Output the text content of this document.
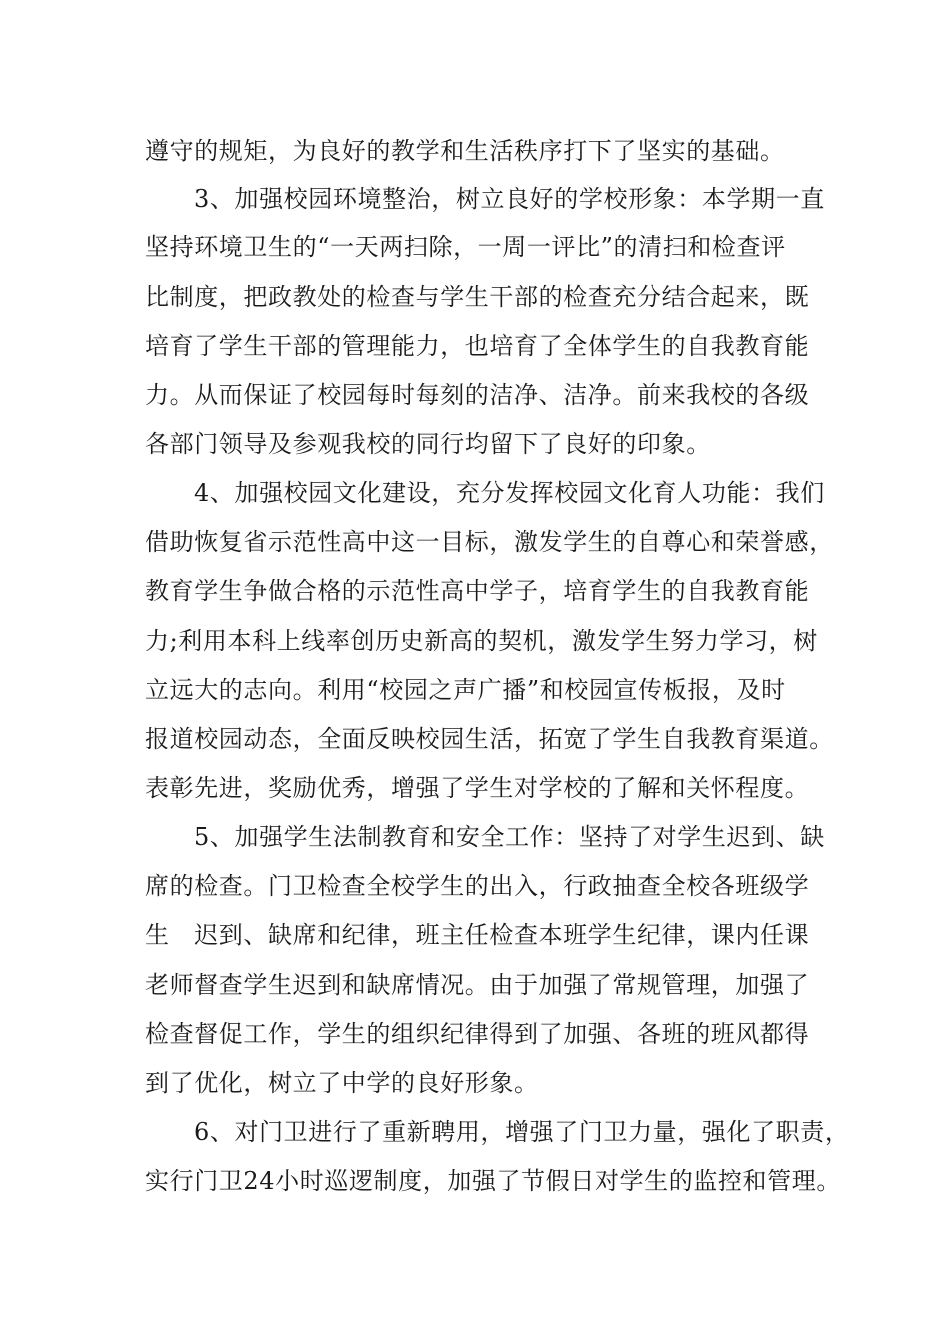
遵守的规矩，为良好的教学和生活秩序打下了坚实的基础。
3、加强校园环境整治，树立良好的学校形象：本学期一直
坚持环境卫生的“一天两扫除，一周一评比”的清扫和检查评
比制度，把政教处的检查与学生干部的检查充分结合起来，既
培育了学生干部的管理能力，也培育了全体学生的自我教育能
力。从而保证了校园每时每刻的洁净、洁净。前来我校的各级
各部门领导及参观我校的同行均留下了良好的印象。
4、加强校园文化建设，充分发挥校园文化育人功能：我们
借助恢复省示范性高中这一目标，激发学生的自尊心和荣誉感，
教育学生争做合格的示范性高中学子，培育学生的自我教育能
力;利用本科上线率创历史新高的契机，激发学生努力学习，树
立远大的志向。利用“校园之声广播”和校园宣传板报，及时
报道校园动态，全面反映校园生活，拓宽了学生自我教育渠道。
表彰先进，奖励优秀，增强了学生对学校的了解和关怀程度。
5、加强学生法制教育和安全工作：坚持了对学生迟到、缺
席的检查。门卫检查全校学生的出入，行政抽查全校各班级学
生　迟到、缺席和纪律，班主任检查本班学生纪律，课内任课
老师督查学生迟到和缺席情况。由于加强了常规管理，加强了
检查督促工作，学生的组织纪律得到了加强、各班的班风都得
到了优化，树立了中学的良好形象。
6、对门卫进行了重新聘用，增强了门卫力量，强化了职责，
实行门卫24小时巡逻制度，加强了节假日对学生的监控和管理。
